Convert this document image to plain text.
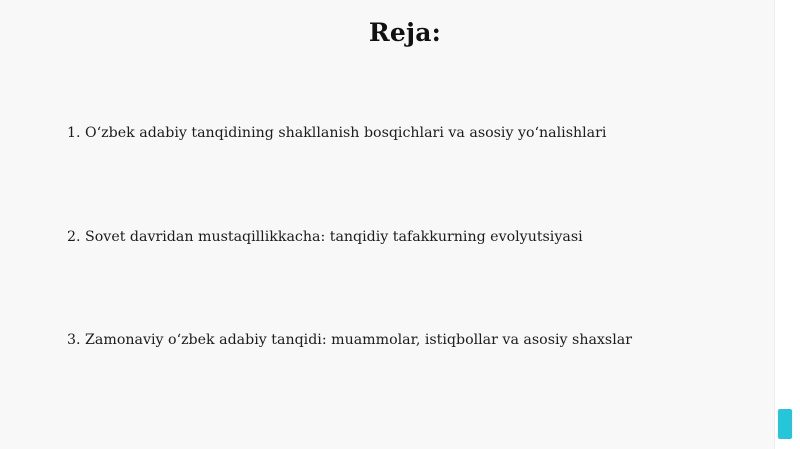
Reja:
1. O‘zbek adabiy tanqidining shakllanish bosqichlari va asosiy yo‘nalishlari
2. Sovet davridan mustaqillikkacha: tanqidiy tafakkurning evolyutsiyasi
3. Zamonaviy o‘zbek adabiy tanqidi: muammolar, istiqbollar va asosiy shaxslar
